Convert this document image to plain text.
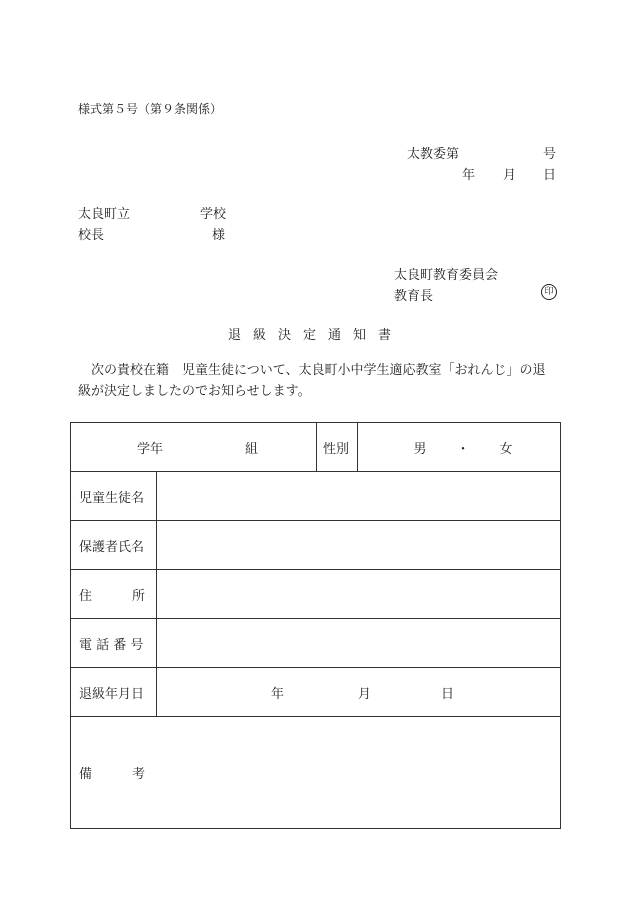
様式第５号（第９条関係）
太教委第	号
年 月 日
太良町立	学校
校長	様
太良町教育委員会
教育長	印
退級決定通知書
次の貴校在籍　児童生徒について、太良町小中学生適応教室「おれんじ」の退級が決定しましたのでお知らせします。
学年 組		性別	男 ・ 女
児童生徒名			
保護者氏名			

住 所			

電 話 番 号			
退級年月日	年 月 日		

備 考			
